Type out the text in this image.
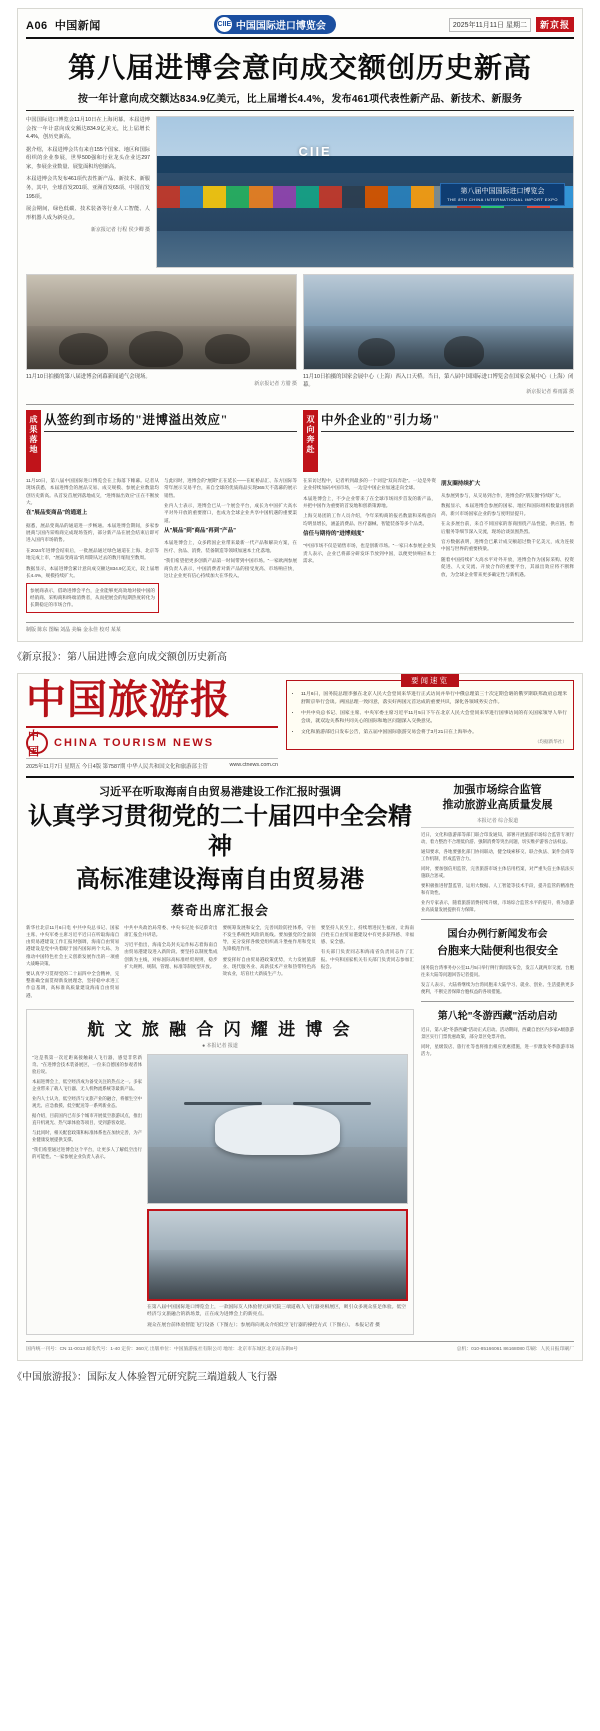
A06 中国新闻	CIIE 中国国际进口博览会	2025年11月11日 星期二	新京报
第八届进博会意向成交额创历史新高
按一年计意向成交额达834.9亿美元，比上届增长4.4%，发布461项代表性新产品、新技术、新服务

中国国际进口博览会11月10日在上海闭幕。本届进博会按一年计意向成交额达834.9亿美元，比上届增长4.4%，创历史新高。

据介绍，本届进博会共有来自155个国家、地区和国际组织的企业参展，世界500强和行业龙头企业达297家，参展企业数量、展览面积均创新高。

本届进博会共发布461项代表性新产品、新技术、新服务，其中，全球首发201项、亚洲首发65项、中国首发195项。

展会期间，绿色低碳、技术装备等行业人工智能、人形机器人成为新亮点。

新京报记者 行程 侯少卿 摄

CIIE
第八届中国国际进口博览会
THE 8TH CHINA INTERNATIONAL IMPORT EXPO
11月10日拍摄的第八届进博会闭幕新闻通气会现场。
新京报记者 方腊 摄
11月10日拍摄的国家会展中心（上海）西入口天桥。当日，第八届中国国际进口博览会在国家会展中心（上海）闭幕。
新京报记者 蔡雨露 摄
成果落地 从签约到市场的"进博溢出效应"

11月10日，第八届中国国际进口博览会在上海落下帷幕。记者从现场获悉，本届进博会的展品交易、成交规模、参展企业数量均创历史新高。从首发首展到落地成交，"进博溢出效应"正在不断放大。

在"展品变商品"的通道上

据悉，展品变商品的通道进一步畅通。本届进博会期间，多家参展商与国内采购商完成现场签约，部分新产品在展会结束后即可进入国内市场销售。

在2024年进博会结束后，一批展品通过绿色通道在上海、北京等地完成上市，"展品变商品"的周期从过去的数月缩短至数周。

数据显示，本届进博会累计意向成交额达834.9亿美元，较上届增长4.4%，规模持续扩大。

参展商表示，借助进博会平台，企业能够更高效地对接中国的经销商、采购商和终端消费者，从而把展会的短期热度转化为长期稳定的市场合作。

与此同时，进博会的"展期"正在延长——在虹桥品汇、东方国际等常年展示交易平台，来自全球的优质商品实现365天不落幕的展示销售。

业内人士表示，进博会已从一个展会平台，成长为中国扩大高水平对外开放的重要窗口，也成为全球企业共享中国机遇的重要渠道。

从"展品"到"商品"再到"产品"

本届进博会上，众多跨国企业带来最新一代产品和解决方案，在医疗、食品、消费、装备制造等领域加速本土化落地。

"我们希望把更多创新产品第一时间带到中国市场。"一家欧洲参展商负责人表示，中国消费者对新产品的接受度高、市场响应快，这让企业更有信心持续加大在华投入。

双向奔赴 中外企业的"引力场"

在采访过程中，记者听到最多的一个词是"双向奔赴"。一边是外资企业持续加码中国市场，一边是中国企业加速走向全球。

本届进博会上，不少企业带来了在全球市场同步首发的新产品，并把中国作为重要的首发地和创新策源地。

上海交易团的工作人员介绍，今年采购商的报名数量和采购意向均明显增长，涵盖消费品、医疗器械、智能装备等多个品类。

信任与期待的"进博刻度"

"中国市场不仅是销售市场，也是创新市场。"一家日本参展企业负责人表示，企业已将部分研发环节放到中国，以便更快响应本土需求。

朋友圈持续扩大

从参展到参与，从交易到合作，进博会的"朋友圈"持续扩大。

数据显示，本届进博会参展的国家、地区和国际组织数量再创新高，新兴市场国家企业的参与度明显提升。

在众多展台前，来自不同国家的客商围绕产品性能、供应链、售后服务等细节深入交流，现场洽谈氛围热烈。

官方数据表明，进博会已累计成交额超过数千亿美元，成为连接中国与世界的重要桥梁。

随着中国持续扩大高水平对外开放，进博会作为国际采购、投资促进、人文交流、开放合作的重要平台，其溢出效应将不断释放，为全球企业带来更多确定性与新机遇。

制版 陈东 图编 刘晶 美编 金永佳 校对 某某
《新京报》：第八届进博会意向成交额创历史新高
中国旅游报
中国
CHINA TOURISM NEWS
2025年11月7日 星期五 今日4版 第7587期 中华人民共和国文化和旅游部主管	www.ctnews.com.cn
要闻速览
• 11月6日，国务院总理李强在北京人民大会堂同来华进行正式访问并举行中俄总理第三十次定期会晤的俄罗斯联邦政府总理米舒斯京举行会谈。两国总理一致同意，落实好两国元首达成的重要共识，深化各领域务实合作。
• 中共中央总书记、国家主席、中央军委主席习近平11月5日下午在北京人民大会堂同来华进行国事访问的有关国家领导人举行会谈，就双边关系和共同关心的国际和地区问题深入交换意见。
• 文化和旅游部近日发布公告，第五届中国国际旅游交易会将于3月21日在上海举办。
（均据新华社）
习近平在听取海南自由贸易港建设工作汇报时强调
认真学习贯彻党的二十届四中全会精神
高标准建设海南自由贸易港
蔡奇出席汇报会

新华社北京11月6日电 中共中央总书记、国家主席、中央军委主席习近平近日在听取海南自由贸易港建设工作汇报时强调，海南自由贸易港建设是党中央着眼于国内国际两个大局、为推动中国特色社会主义创新发展作出的一项重大战略决策。

要认真学习贯彻党的二十届四中全会精神，完整准确全面贯彻新发展理念，坚持稳中求进工作总基调，高标准高质量建设海南自由贸易港。

中共中央政治局常委、中央书记处书记蔡奇出席汇报会并讲话。

习近平指出，海南全岛封关运作标志着海南自由贸易港建设进入新阶段。要坚持以制度集成创新为主线，对标国际高标准经贸规则，稳步扩大规则、规制、管理、标准等制度型开放。

要统筹发展和安全，完善风险防控体系，守住不发生系统性风险的底线。要加强党的全面领导，充分发挥各级党组织战斗堡垒作用和党员先锋模范作用。

要发挥好自由贸易港政策优势，大力发展旅游业、现代服务业、高新技术产业和热带特色高效农业，培育壮大新质生产力。

要坚持人民至上，持续增进民生福祉，让海南百姓在自由贸易港建设中有更多获得感、幸福感、安全感。

有关部门负责同志和海南省负责同志作了汇报。中央和国家机关有关部门负责同志参加汇报会。

航 文 旅 融 合 闪 耀 进 博 会
● 本报记者 报道

"这是我第一次近距离接触载人飞行器，感觉非常新奇。"在进博会技术装备展区，一位来自德国的参观者体验后说。

本届进博会上，低空经济成为备受关注的热点之一。多家企业带来了载人飞行器、无人机物流系统等最新产品。

业内人士认为，低空经济与文旅产业的融合，将催生空中观光、应急救援、低空配送等一系列新业态。

据介绍，目前国内已有多个城市开展低空旅游试点，推出直升机观光、热气球体验等项目，受到游客欢迎。

与此同时，相关配套政策和标准体系也在加快完善，为产业健康发展提供支撑。

"我们希望通过进博会这个平台，让更多人了解低空出行的可能性。"一家参展企业负责人表示。

在第八届中国国际进口博览会上，一款国际友人体验智元研究院三端道载人飞行器亮相展区，吸引众多观众驻足体验。低空经济与文旅融合的新场景，正在成为进博会上的新亮点。
观众在展台前体验智能飞行设备（下图左）；参展商向观众介绍低空飞行器的操控方式（下图右）。 本报记者 摄
加强市场综合监管
推动旅游业高质量发展
本报记者 综合报道

近日，文化和旅游部等部门联合印发通知，部署开展旅游市场综合监管专项行动，着力整治不合理低价游、强制消费等突出问题，切实维护游客合法权益。

通知要求，各地要强化部门协同联动，健全线索移交、联合执法、案件会商等工作机制，形成监管合力。

同时，要加强信用监管，完善旅游市场主体信用档案，对严重失信主体依法实施联合惩戒。

要积极推进智慧监管，运用大数据、人工智能等技术手段，提升监管的精准性和有效性。

业内专家表示，随着旅游消费持续升级，市场综合监管水平的提升，将为旅游业高质量发展提供有力保障。

国台办例行新闻发布会
台胞来大陆便利也很安全

国务院台湾事务办公室11月5日举行例行新闻发布会，发言人就两岸交流、台胞往来大陆等问题回答记者提问。

发言人表示，大陆将继续为台湾同胞来大陆学习、就业、创业、生活提供更多便利，不断完善保障台胞权益的各项措施。

第八轮"冬游西藏"活动启动

近日，第八轮"冬游西藏"活动正式启动。活动期间，西藏自治区内多家A级旅游景区实行门票优惠政策，部分景区免票开放。

同时，星级饭店、旅行社等也将推出相应优惠措施，进一步激发冬季旅游市场活力。

国内统一刊号：CN 11-0013 邮发代号：1-40 定价：360元 出版单位：中国旅游报社有限公司 地址：北京市东城区北京站东街8号	总机：010-85166061 86168080 印刷：人民日报印刷厂
《中国旅游报》：国际友人体验智元研究院三端道载人飞行器
